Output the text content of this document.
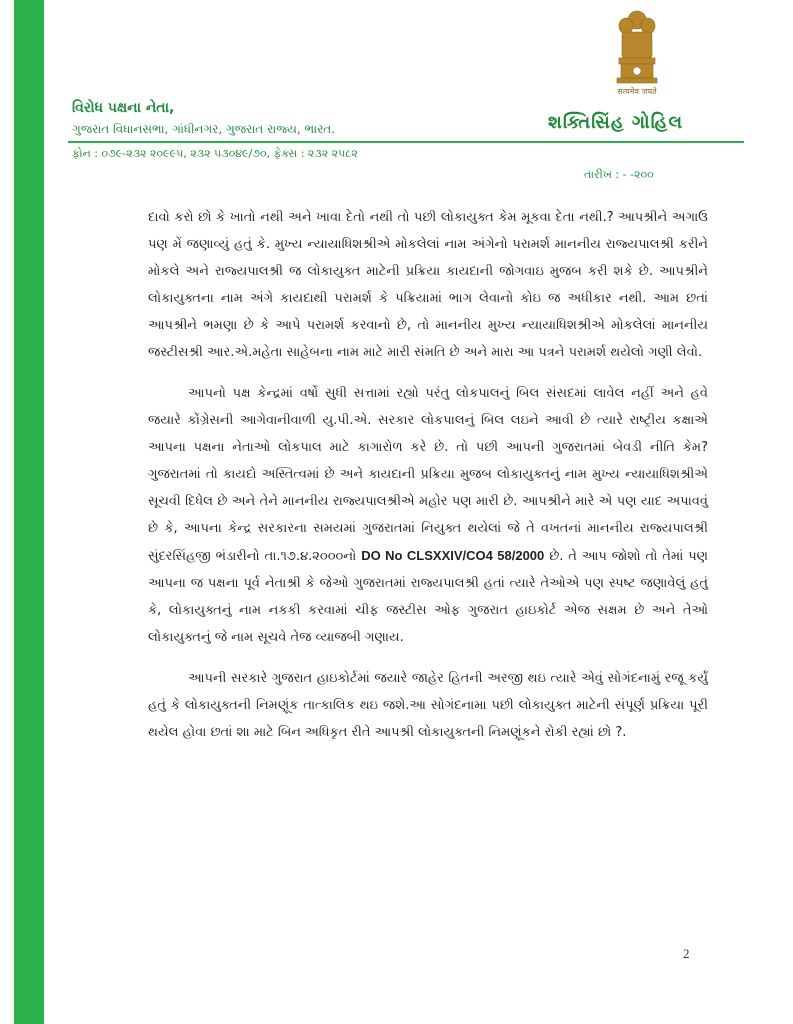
सत्यमेव जयते
વિરોધ પક્ષના નેતા,
ગુજરાત વિધાનસભા, ગાંધીનગર, ગુજરાત રાજ્ય, ભારત.	શક્તિસિંહ ગોહિલ
ફોન : ૦૭૯-૨૩૨ ૨૦૯૯૫, ૨૩૨ ૫૩૦૪૯/૭૦, ફેક્સ : ૨૩૨ ૨૫૮૨
તારીખ : - -૨૦૦

દાવો કરો છો કે ખાતો નથી અને ખાવા દેતો નથી તો પછી લોકાયુક્ત કેમ મૂકવા દેતા નથી.? આપશ્રીને અગાઉ પણ મેં જણાવ્યું હતું કે. મુખ્ય ન્યાયાધિશશ્રીએ મોકલેલાં નામ અંગેનો પરામર્શ માનનીય રાજ્યપાલશ્રી કરીને મોકલે અને રાજ્યપાલશ્રી જ લોકાયુક્ત માટેની પ્રક્રિયા કાયદાની જોગવાઇ મુજબ કરી શકે છે. આપશ્રીને લોકાયુક્તના નામ અંગે કાયદાથી પરામર્શ કે પક્રિયામાં ભાગ લેવાનો કોઇ જ અધીકાર નથી. આમ છતાં આપશ્રીને ભમણા છે કે આપે પરામર્શ કરવાનો છે, તો માનનીય મુખ્ય ન્યાયાધિશશ્રીએ મોકલેલાં માનનીય જસ્ટીસશ્રી આર.એ.મહેતા સાહેબના નામ માટે મારી સંમતિ છે અને મારા આ પત્રને પરામર્શ થયેલો ગણી લેવો.

આપનો પક્ષ કેન્દ્રમાં વર્ષો સુધી સત્તામાં રહ્યો પરંતુ લોકપાલનું બિલ સંસદમાં લાવેલ નહીં અને હવે જયારે કોંગ્રેસની આગેવાનીવાળી યુ.પી.એ. સરકાર લોકપાલનું બિલ લઇને આવી છે ત્યારે રાષ્ટ્રીય કક્ષાએ આપના પક્ષના નેતાઓ લોકપાલ માટે કાગારોળ કરે છે. તો પછી આપની ગુજરાતમાં બેવડી નીતિ કેમ? ગુજરાતમાં તો કાયદો અસ્તિત્વમાં છે અને કાયદાની પ્રક્રિયા મુજબ લોકાયુક્તનું નામ મુખ્ય ન્યાયાધિશશ્રીએ સૂચવી દિધેલ છે અને તેને માનનીય રાજ્યપાલશ્રીએ મહોર પણ મારી છે. આપશ્રીને મારે એ પણ યાદ અપાવવું છે કે, આપના કેન્દ્ર સરકારના સમયમાં ગુજરાતમાં નિયુક્ત થયેલાં જે તે વખતનાં માનનીય રાજ્યપાલશ્રી સુંદરસિંહજી ભંડારીનો તા.૧૭.૪.૨૦૦૦નો DO No CLSXXIV/CO4 58/2000 છે. તે આપ જોશો તો તેમાં પણ આપના જ પક્ષના પૂર્વ નેતાશ્રી કે જેઓ ગુજરાતમાં રાજ્યપાલશ્રી હતાં ત્યારે તેઓએ પણ સ્પષ્ટ જણાવેલું હતું કે, લોકાયુક્તનું નામ નકકી કરવામાં ચીફ જસ્ટીસ ઓફ ગુજરાત હાઇકોર્ટ એજ સક્ષમ છે અને તેઓ લોકાયુક્તનું જે નામ સૂચવે તેજ વ્યાજબી ગણાય.

આપની સરકારે ગુજરાત હાઇકોર્ટમાં જયારે જાહેર હિતની અરજી થઇ ત્યારે એવું સોગંદનામું રજૂ કર્યું હતું કે લોકાયુક્તની નિમણૂંક તાત્કાલિક થઇ જશે.આ સોગંદનામા પછી લોકાયુક્ત માટેની સંપૂર્ણ પ્રક્રિયા પૂરી થયેલ હોવા છતાં શા માટે બિન અધિકૃત રીતે આપશ્રી લોકાયુક્તની નિમણૂંકને રોકી રહ્યાં છો ?.

2
